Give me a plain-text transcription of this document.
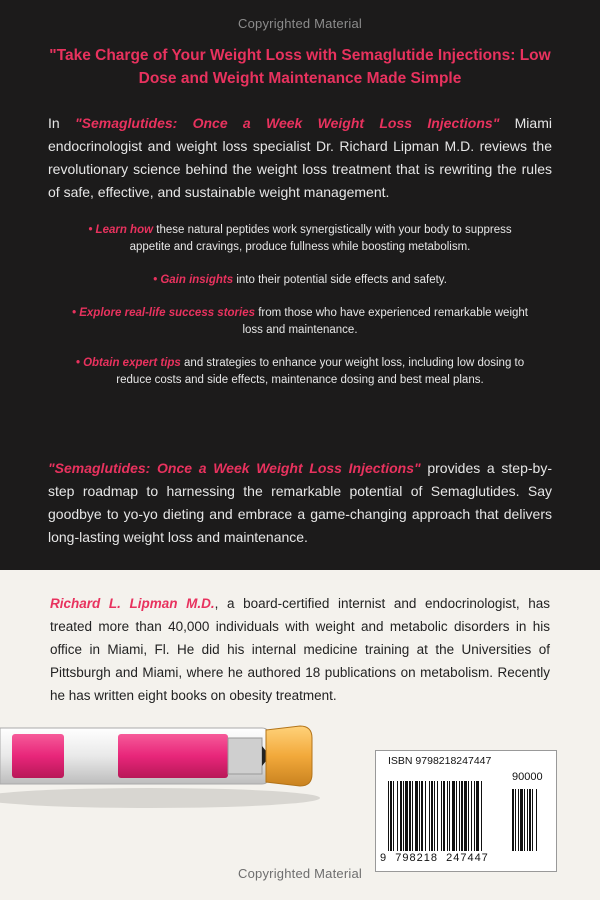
Copyrighted Material
"Take Charge of Your Weight Loss with Semaglutide Injections: Low Dose and Weight Maintenance Made Simple
In "Semaglutides: Once a Week Weight Loss Injections" Miami endocrinologist and weight loss specialist Dr. Richard Lipman M.D. reviews the revolutionary science behind the weight loss treatment that is rewriting the rules of safe, effective, and sustainable weight management.
• Learn how these natural peptides work synergistically with your body to suppress appetite and cravings, produce fullness while boosting metabolism.
• Gain insights into their potential side effects and safety.
• Explore real-life success stories from those who have experienced remarkable weight loss and maintenance.
• Obtain expert tips and strategies to enhance your weight loss, including low dosing to reduce costs and side effects, maintenance dosing and best meal plans.
"Semaglutides: Once a Week Weight Loss Injections" provides a step-by-step roadmap to harnessing the remarkable potential of Semaglutides. Say goodbye to yo-yo dieting and embrace a game-changing approach that delivers long-lasting weight loss and maintenance.
Richard L. Lipman M.D., a board-certified internist and endocrinologist, has treated more than 40,000 individuals with weight and metabolic disorders in his office in Miami, Fl. He did his internal medicine training at the Universities of Pittsburgh and Miami, where he authored 18 publications on metabolism. Recently he has written eight books on obesity treatment.
ISBN 9798218247447
90000
9 798218 247447
Copyrighted Material
